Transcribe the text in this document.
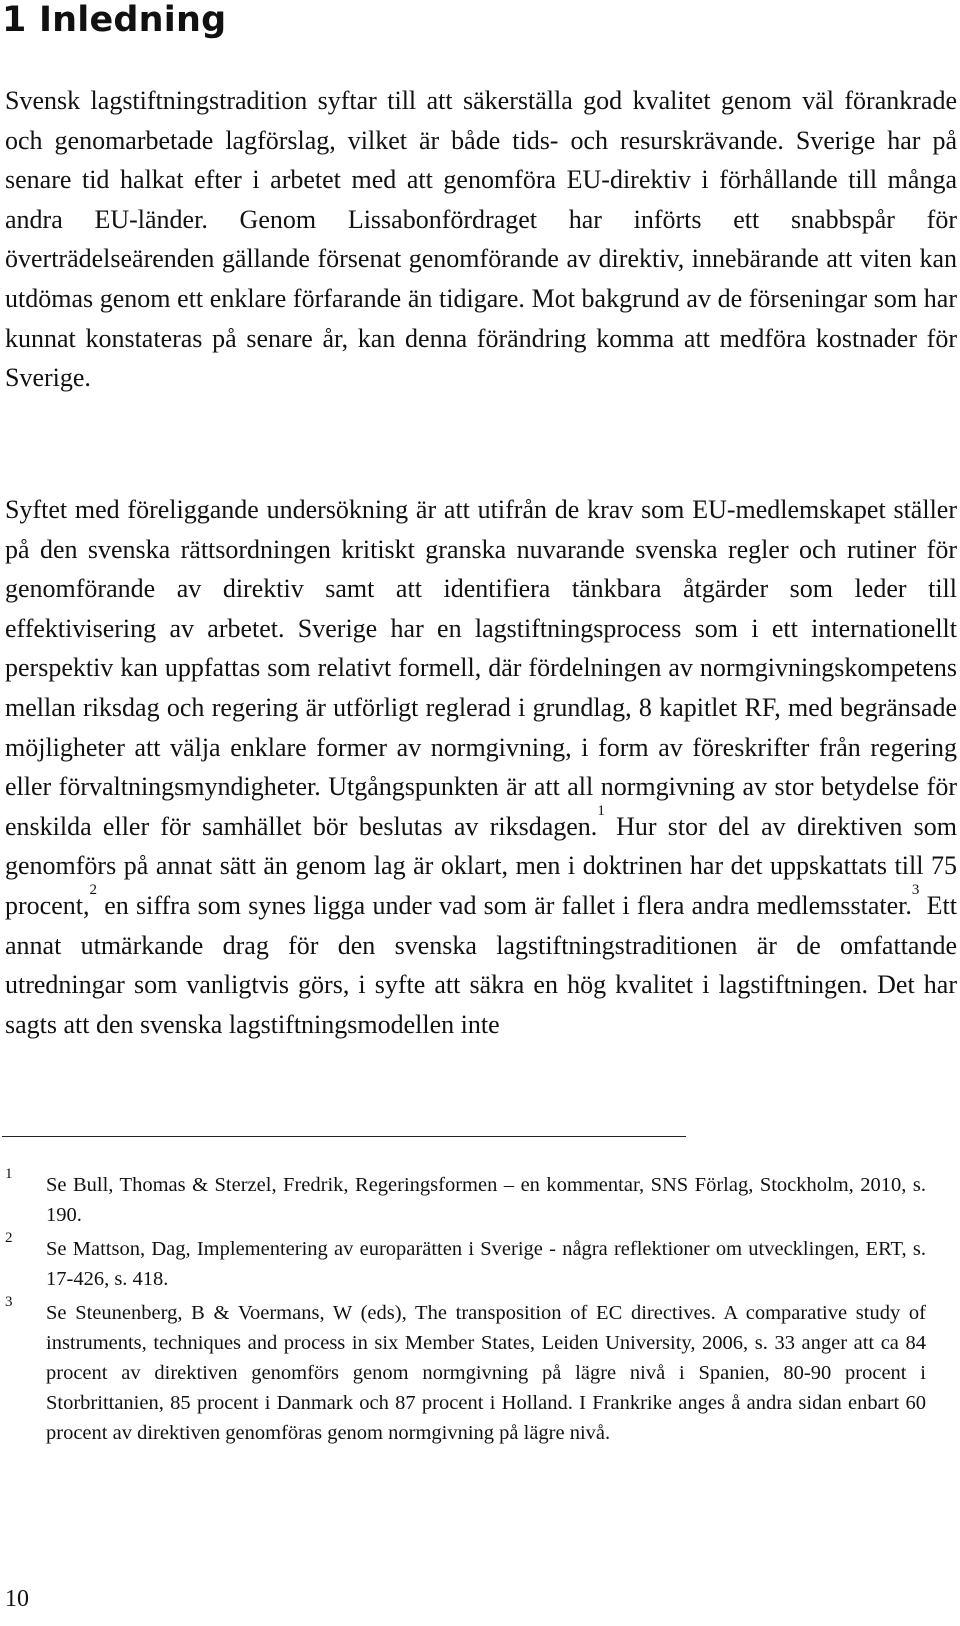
1 Inledning

Svensk lagstiftningstradition syftar till att säkerställa god kvalitet genom väl förankrade och genomarbetade lagförslag, vilket är både tids- och resurskrävande. Sverige har på senare tid halkat efter i arbetet med att genomföra EU-direktiv i förhållande till många andra EU-länder. Genom Lissabonfördraget har införts ett snabbspår för överträdelseärenden gällande försenat genomförande av direktiv, innebärande att viten kan utdömas genom ett enklare förfarande än tidigare. Mot bakgrund av de förseningar som har kunnat konstateras på senare år, kan denna förändring komma att medföra kostnader för Sverige.

Syftet med föreliggande undersökning är att utifrån de krav som EU-medlemskapet ställer på den svenska rättsordningen kritiskt granska nuvarande svenska regler och rutiner för genomförande av direktiv samt att identifiera tänkbara åtgärder som leder till effektivisering av arbetet. Sverige har en lagstiftningsprocess som i ett internationellt perspektiv kan uppfattas som relativt formell, där fördelningen av normgivningskompetens mellan riksdag och regering är utförligt reglerad i grundlag, 8 kapitlet RF, med begränsade möjligheter att välja enklare former av normgivning, i form av föreskrifter från regering eller förvaltningsmyndigheter. Utgångspunkten är att all normgivning av stor betydelse för enskilda eller för samhället bör beslutas av riksdagen.$^1$ Hur stor del av direktiven som genomförs på annat sätt än genom lag är oklart, men i doktrinen har det uppskattats till 75 procent,$^2$ en siffra som synes ligga under vad som är fallet i flera andra medlemsstater.$^3$ Ett annat utmärkande drag för den svenska lagstiftningstraditionen är de omfattande utredningar som vanligtvis görs, i syfte att säkra en hög kvalitet i lagstiftningen. Det har sagts att den svenska lagstiftningsmodellen inte

1 Se Bull, Thomas & Sterzel, Fredrik, Regeringsformen – en kommentar, SNS Förlag, Stockholm, 2010, s. 190.

2 Se Mattson, Dag, Implementering av europarätten i Sverige - några reflektioner om utvecklingen, ERT, s. 17-426, s. 418.

3 Se Steunenberg, B & Voermans, W (eds), The transposition of EC directives. A comparative study of instruments, techniques and process in six Member States, Leiden University, 2006, s. 33 anger att ca 84 procent av direktiven genomförs genom normgivning på lägre nivå i Spanien, 80-90 procent i Storbrittanien, 85 procent i Danmark och 87 procent i Holland. I Frankrike anges å andra sidan enbart 60 procent av direktiven genomföras genom normgivning på lägre nivå.

10
